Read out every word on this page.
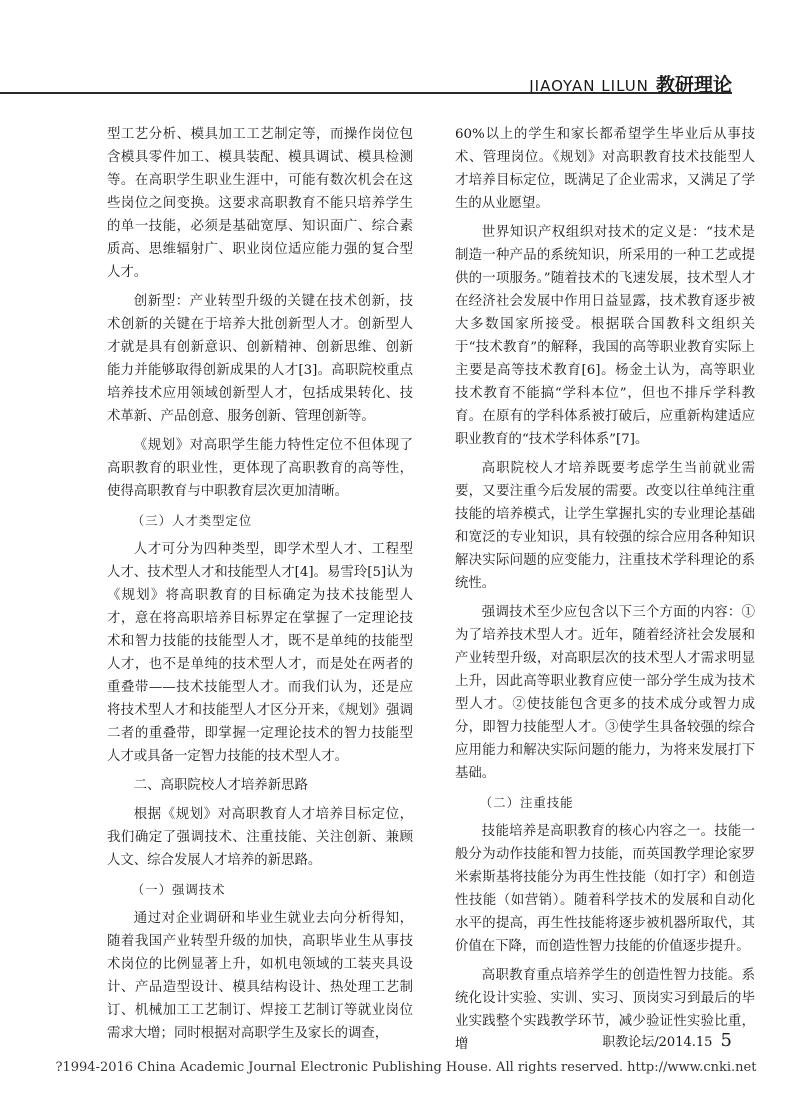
JIAOYAN LILUN 教研理论

型工艺分析、模具加工工艺制定等，而操作岗位包含模具零件加工、模具装配、模具调试、模具检测等。在高职学生职业生涯中，可能有数次机会在这些岗位之间变换。这要求高职教育不能只培养学生的单一技能，必须是基础宽厚、知识面广、综合素质高、思维辐射广、职业岗位适应能力强的复合型人才。

创新型：产业转型升级的关键在技术创新，技术创新的关键在于培养大批创新型人才。创新型人才就是具有创新意识、创新精神、创新思维、创新能力并能够取得创新成果的人才[3]。高职院校重点培养技术应用领域创新型人才，包括成果转化、技术革新、产品创意、服务创新、管理创新等。

《规划》对高职学生能力特性定位不但体现了高职教育的职业性，更体现了高职教育的高等性，使得高职教育与中职教育层次更加清晰。

（三）人才类型定位

人才可分为四种类型，即学术型人才、工程型人才、技术型人才和技能型人才[4]。易雪玲[5]认为《规划》将高职教育的目标确定为技术技能型人才，意在将高职培养目标界定在掌握了一定理论技术和智力技能的技能型人才，既不是单纯的技能型人才，也不是单纯的技术型人才，而是处在两者的重叠带——技术技能型人才。而我们认为，还是应将技术型人才和技能型人才区分开来，《规划》强调二者的重叠带，即掌握一定理论技术的智力技能型人才或具备一定智力技能的技术型人才。

二、高职院校人才培养新思路

根据《规划》对高职教育人才培养目标定位，我们确定了强调技术、注重技能、关注创新、兼顾人文、综合发展人才培养的新思路。

（一）强调技术

通过对企业调研和毕业生就业去向分析得知，随着我国产业转型升级的加快，高职毕业生从事技术岗位的比例显著上升，如机电领域的工装夹具设计、产品造型设计、模具结构设计、热处理工艺制订、机械加工工艺制订、焊接工艺制订等就业岗位需求大增；同时根据对高职学生及家长的调查，

60%以上的学生和家长都希望学生毕业后从事技术、管理岗位。《规划》对高职教育技术技能型人才培养目标定位，既满足了企业需求，又满足了学生的从业愿望。

世界知识产权组织对技术的定义是：“技术是制造一种产品的系统知识，所采用的一种工艺或提供的一项服务。”随着技术的飞速发展，技术型人才在经济社会发展中作用日益显露，技术教育逐步被大多数国家所接受。根据联合国教科文组织关于“技术教育”的解释，我国的高等职业教育实际上主要是高等技术教育[6]。杨金土认为，高等职业技术教育不能搞“学科本位”，但也不排斥学科教育。在原有的学科体系被打破后，应重新构建适应职业教育的“技术学科体系”[7]。

高职院校人才培养既要考虑学生当前就业需要，又要注重今后发展的需要。改变以往单纯注重技能的培养模式，让学生掌握扎实的专业理论基础和宽泛的专业知识，具有较强的综合应用各种知识解决实际问题的应变能力，注重技术学科理论的系统性。

强调技术至少应包含以下三个方面的内容：①为了培养技术型人才。近年，随着经济社会发展和产业转型升级，对高职层次的技术型人才需求明显上升，因此高等职业教育应使一部分学生成为技术型人才。②使技能包含更多的技术成分或智力成分，即智力技能型人才。③使学生具备较强的综合应用能力和解决实际问题的能力，为将来发展打下基础。

（二）注重技能

技能培养是高职教育的核心内容之一。技能一般分为动作技能和智力技能，而英国教学理论家罗米索斯基将技能分为再生性技能（如打字）和创造性技能（如营销）。随着科学技术的发展和自动化水平的提高，再生性技能将逐步被机器所取代，其价值在下降，而创造性智力技能的价值逐步提升。

高职教育重点培养学生的创造性智力技能。系统化设计实验、实训、实习、顶岗实习到最后的毕业实践整个实践教学环节，减少验证性实验比重，增	职教论坛/2014.15 5
?1994-2016 China Academic Journal Electronic Publishing House. All rights reserved. http://www.cnki.net
